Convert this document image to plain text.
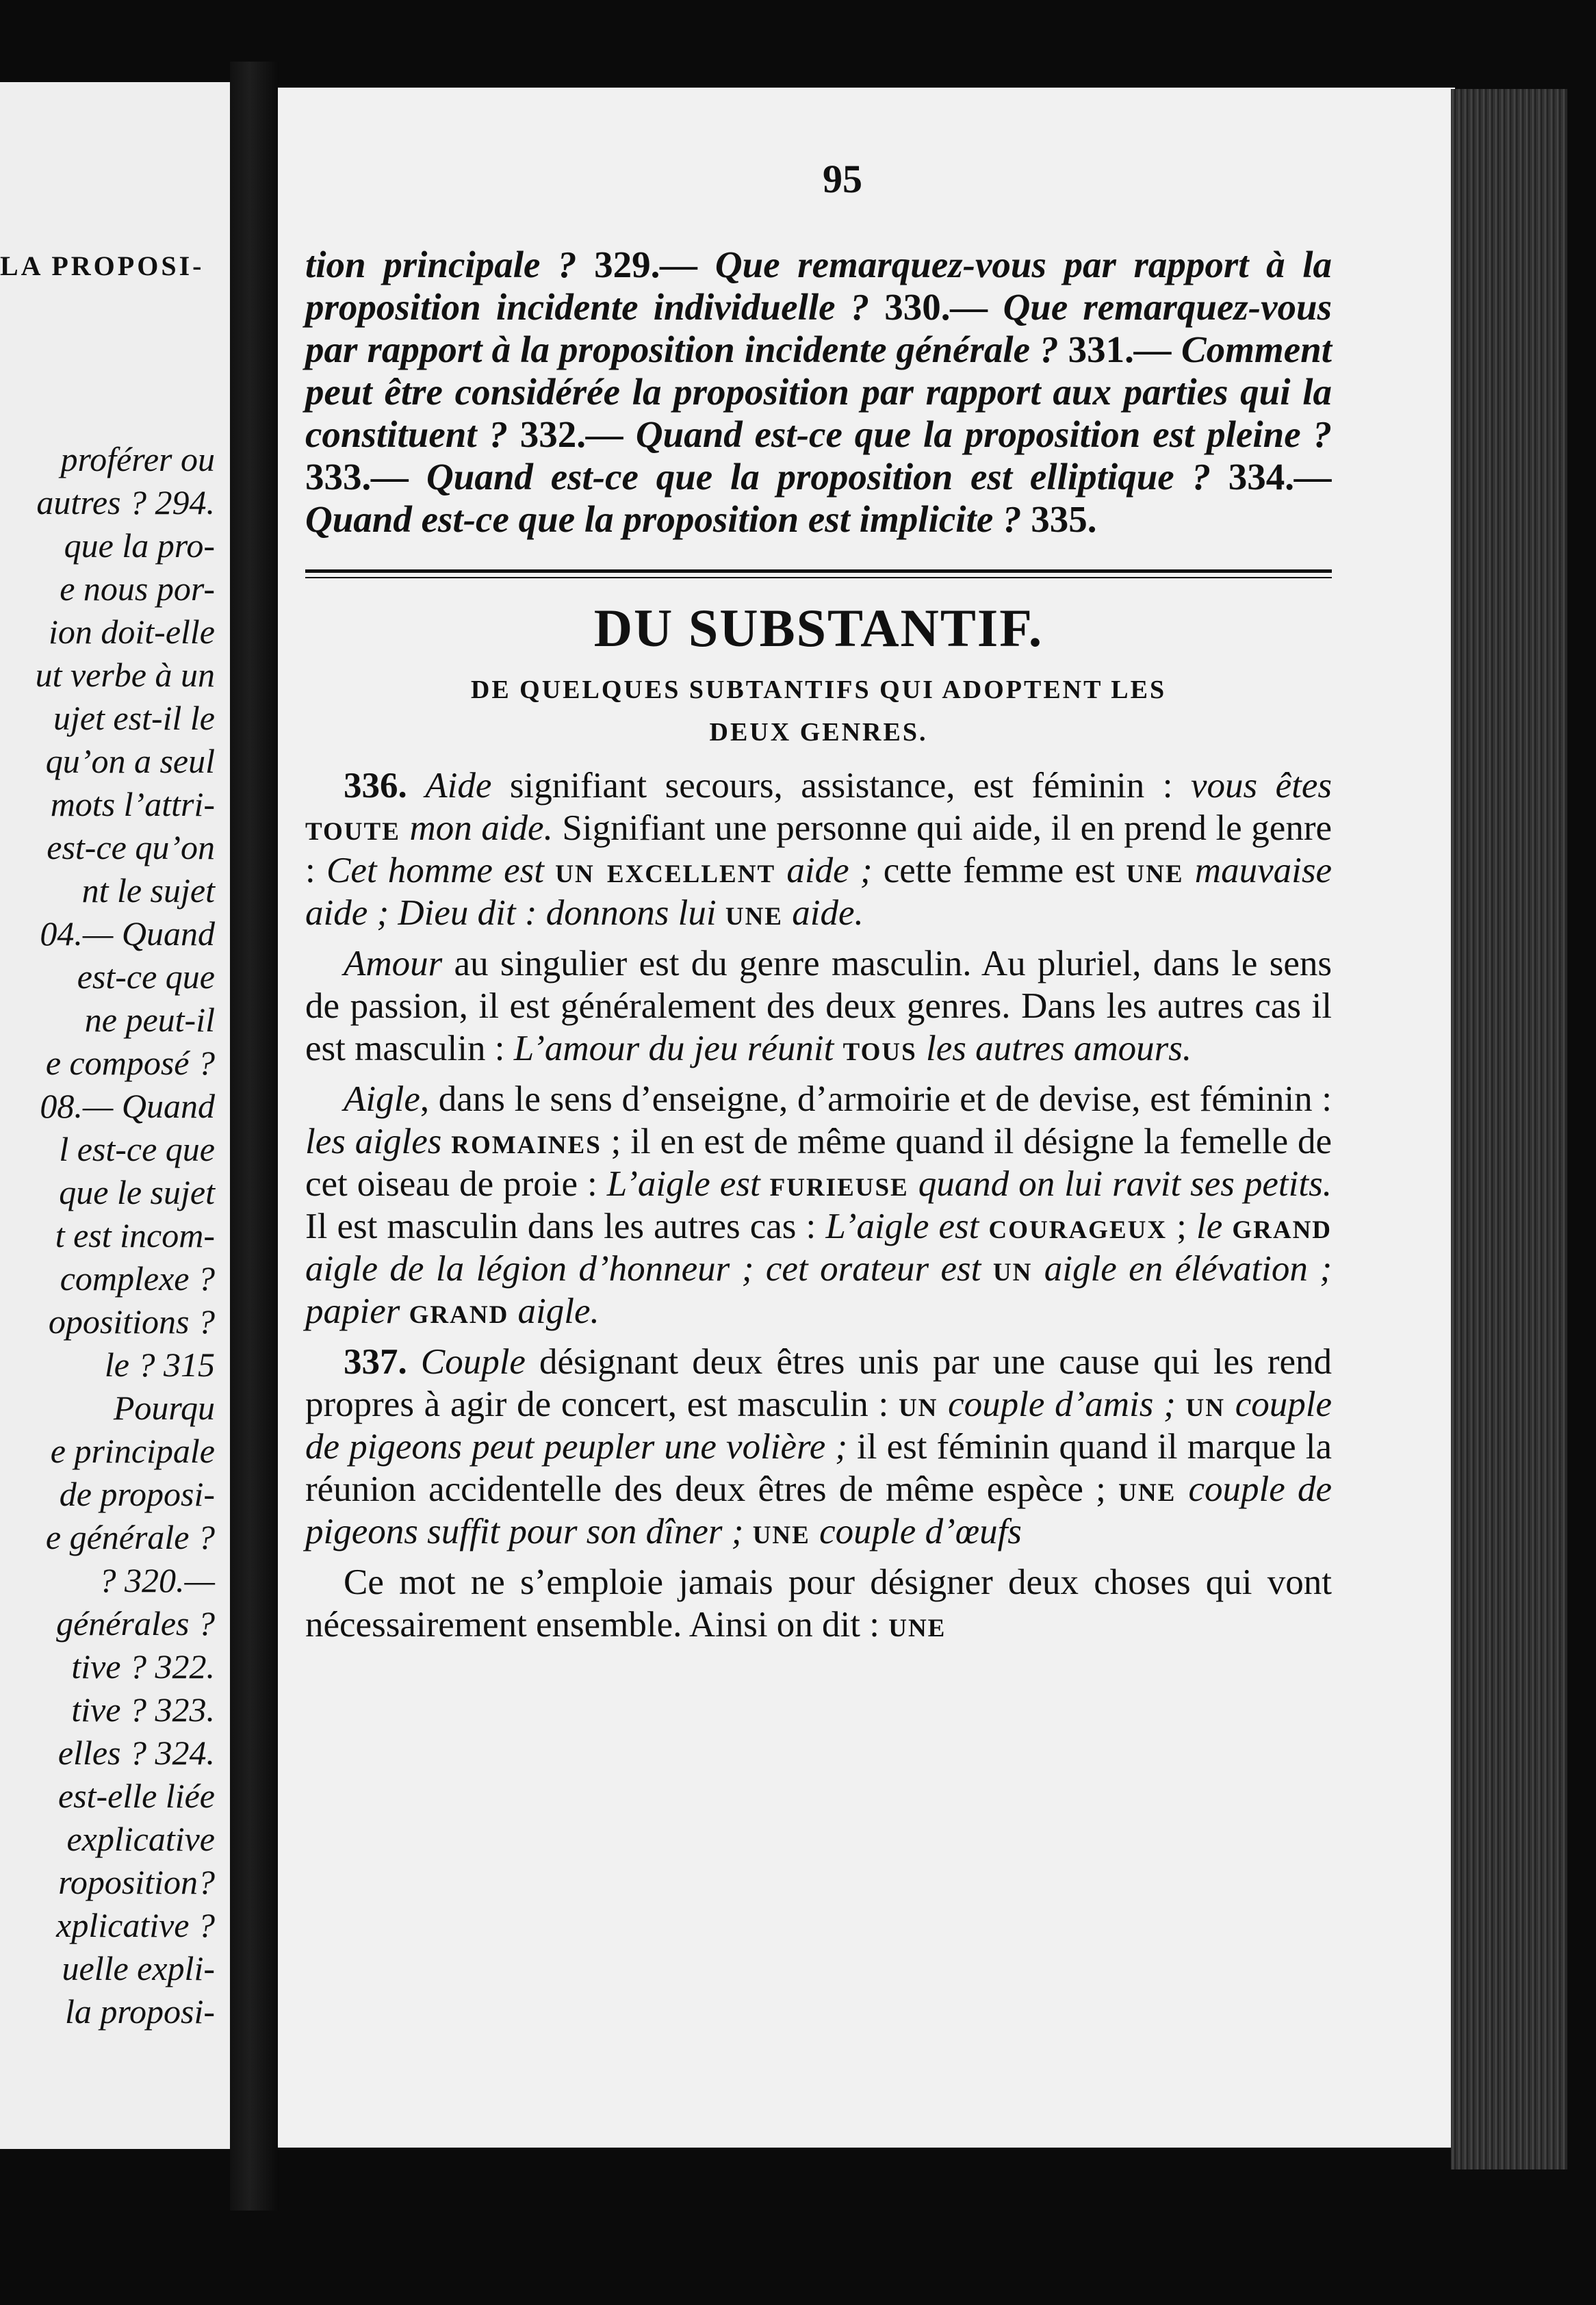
LA PROPOSI-
proférer ou
autres ? 294.
que la pro-
e nous por-
ion doit-elle
ut verbe à un
ujet est-il le
qu’on a seul
mots l’attri-
est-ce qu’on
nt le sujet
04.— Quand
est-ce que
ne peut-il
e composé ?
08.— Quand
l est-ce que
que le sujet
t est incom-
complexe ?
opositions ?
le ? 315
Pourqu
e principale
de proposi-
e générale ?
? 320.—
générales ?
tive ? 322.
tive ? 323.
elles ? 324.
est-elle liée
explicative
roposition?
xplicative ?
uelle expli-
la proposi-
95

tion principale ? 329.— Que remarquez-vous par rapport à la proposition incidente individuelle ? 330.— Que remarquez-vous par rapport à la proposition incidente générale ? 331.— Comment peut être considérée la proposition par rapport aux parties qui la constituent ? 332.— Quand est-ce que la proposition est pleine ? 333.— Quand est-ce que la proposition est elliptique ? 334.— Quand est-ce que la proposition est implicite ? 335.

DU SUBSTANTIF.
DE QUELQUES SUBTANTIFS QUI ADOPTENT LES
DEUX GENRES.

336. Aide signifiant secours, assistance, est féminin : vous êtes toute mon aide. Signifiant une personne qui aide, il en prend le genre : Cet homme est un excellent aide ; cette femme est une mauvaise aide ; Dieu dit : donnons lui une aide.

Amour au singulier est du genre masculin. Au pluriel, dans le sens de passion, il est généralement des deux genres. Dans les autres cas il est masculin : L’amour du jeu réunit tous les autres amours.

Aigle, dans le sens d’enseigne, d’armoirie et de devise, est féminin : les aigles romaines ; il en est de même quand il désigne la femelle de cet oiseau de proie : L’aigle est furieuse quand on lui ravit ses petits. Il est masculin dans les autres cas : L’aigle est courageux ; le grand aigle de la légion d’honneur ; cet orateur est un aigle en élévation ; papier grand aigle.

337. Couple désignant deux êtres unis par une cause qui les rend propres à agir de concert, est masculin : un couple d’amis ; un couple de pigeons peut peupler une volière ; il est féminin quand il marque la réunion accidentelle des deux êtres de même espèce ; une couple de pigeons suffit pour son dîner ; une couple d’œufs

Ce mot ne s’emploie jamais pour désigner deux choses qui vont nécessairement ensemble. Ainsi on dit : une
